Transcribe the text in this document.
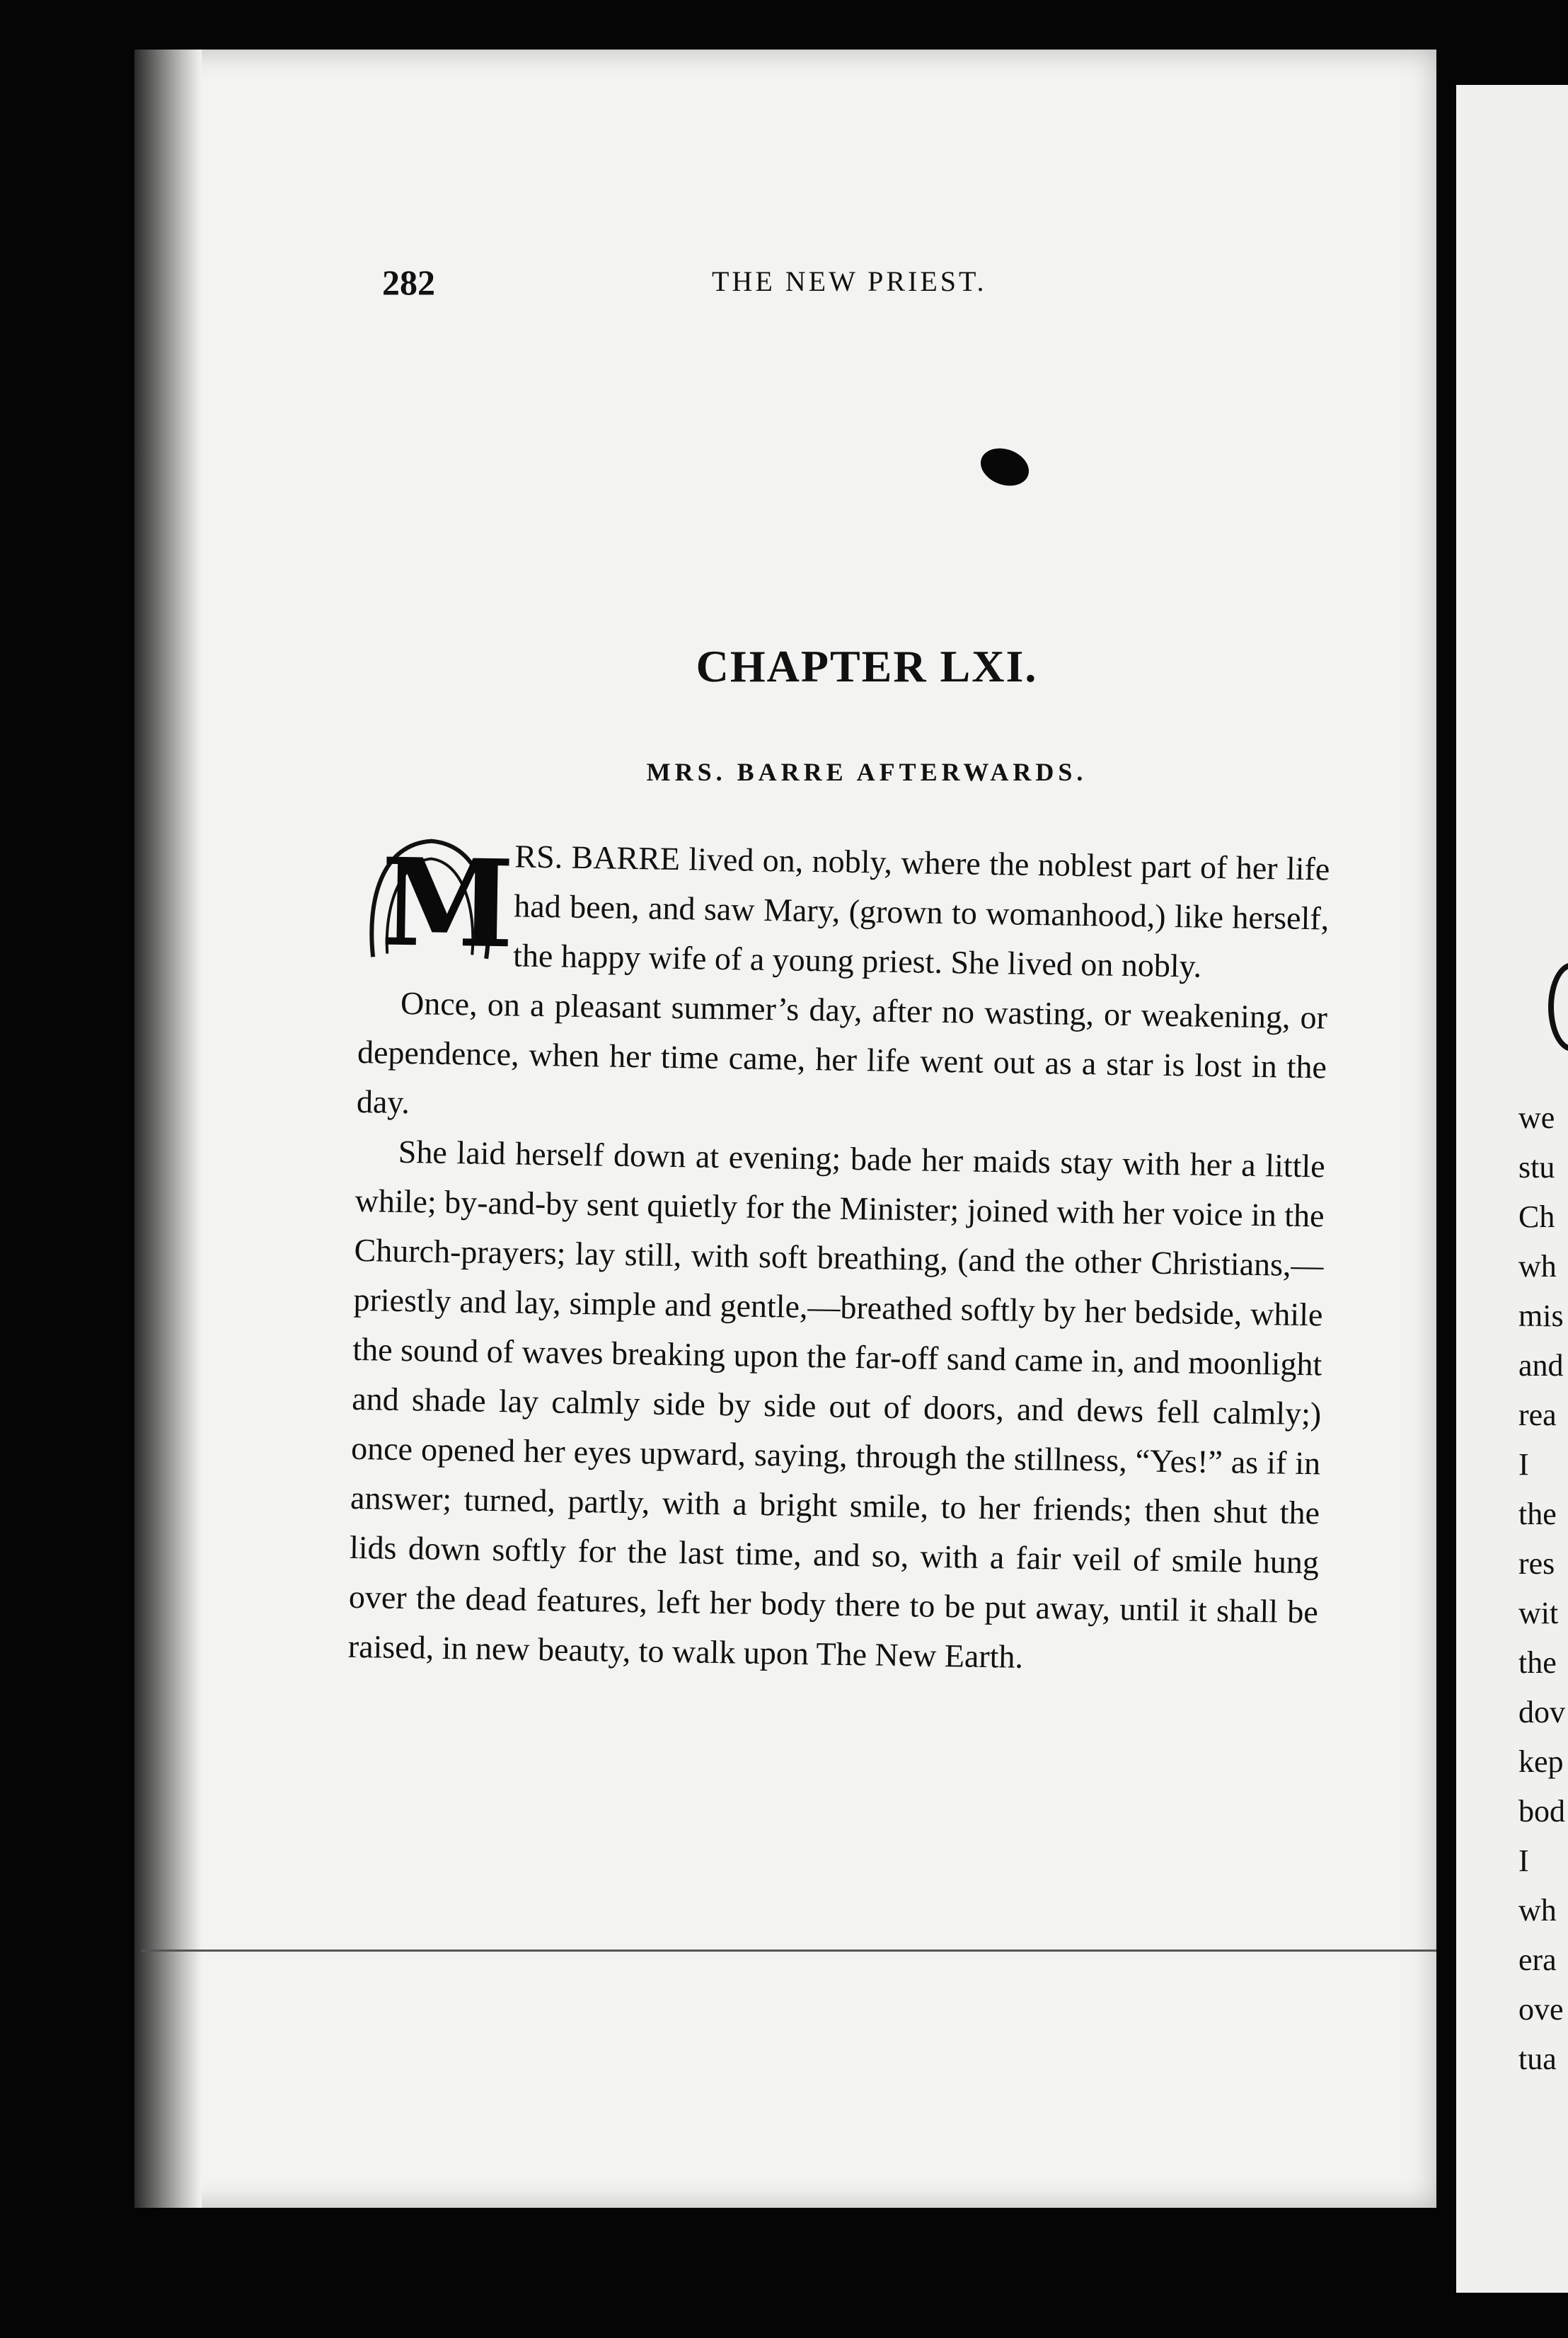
282	THE NEW PRIEST.
CHAPTER LXI.
MRS. BARRE AFTERWARDS.

M
RS. BARRE lived on, nobly, where the noblest part of her life had been, and saw Mary, (grown to womanhood,) like herself, the happy wife of a young priest. She lived on nobly.

Once, on a pleasant summer’s day, after no wasting, or weakening, or dependence, when her time came, her life went out as a star is lost in the day.

She laid herself down at evening; bade her maids stay with her a little while; by-and-by sent quietly for the Minister; joined with her voice in the Church-prayers; lay still, with soft breathing, (and the other Christians,—priestly and lay, simple and gentle,—breathed softly by her bedside, while the sound of waves breaking upon the far-off sand came in, and moonlight and shade lay calmly side by side out of doors, and dews fell calmly;) once opened her eyes upward, saying, through the stillness, “Yes!” as if in answer; turned, partly, with a bright smile, to her friends; then shut the lids down softly for the last time, and so, with a fair veil of smile hung over the dead features, left her body there to be put away, until it shall be raised, in new beauty, to walk upon The New Earth.

we
stu
Ch
wh
mis
and
rea
I
the
res
wit
the
dov
kep
bod
I
wh
era
ove
tua
